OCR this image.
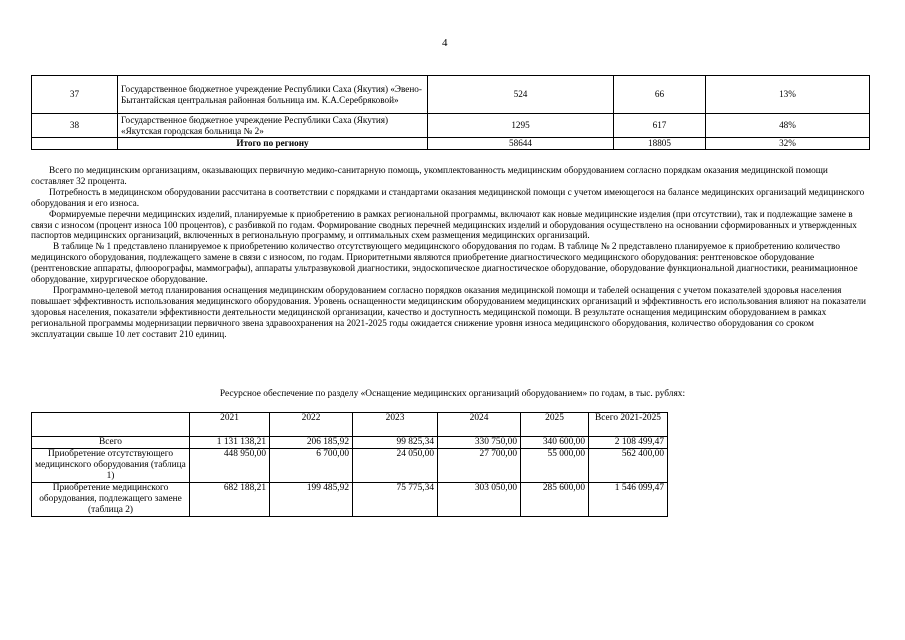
4
37	Государственное бюджетное учреждение Республики Саха (Якутия) «Эвено-Бытантайская центральная районная больница им. К.А.Серебряковой»	524	66	13%
38	Государственное бюджетное учреждение Республики Саха (Якутия) «Якутская городская больница № 2»	1295	617	48%
	Итого по региону	58644	18805	32%

Всего по медицинским организациям, оказывающих первичную медико-санитарную помощь, укомплектованность медицинским оборудованием согласно порядкам оказания медицинской помощи составляет 32 процента.

Потребность в медицинском оборудовании рассчитана в соответствии с порядками и стандартами оказания медицинской помощи с учетом имеющегося на балансе медицинских организаций медицинского оборудования и его износа.

Формируемые перечни медицинских изделий, планируемые к приобретению в рамках региональной программы, включают как новые медицинские изделия (при отсутствии), так и подлежащие замене в связи с износом (процент износа 100 процентов), с разбивкой по годам. Формирование сводных перечней медицинских изделий и оборудования осуществлено на основании сформированных и утвержденных паспортов медицинских организаций, включенных в региональную программу, и оптимальных схем размещения медицинских организаций.

В таблице № 1 представлено планируемое к приобретению количество отсутствующего медицинского оборудования по годам. В таблице № 2 представлено планируемое к приобретению количество медицинского оборудования, подлежащего замене в связи с износом, по годам. Приоритетными являются приобретение диагностического медицинского оборудования: рентгеновское оборудование (рентгеновские аппараты, флюорографы, маммографы), аппараты ультразвуковой диагностики, эндоскопическое диагностическое оборудование, оборудование функциональной диагностики, реанимационное оборудование, хирургическое оборудование.

Программно-целевой метод планирования оснащения медицинским оборудованием согласно порядков оказания медицинской помощи и табелей оснащения с учетом показателей здоровья населения повышает эффективность использования медицинского оборудования. Уровень оснащенности медицинским оборудованием медицинских организаций и эффективность его использования влияют на показатели здоровья населения, показатели эффективности деятельности медицинской организации, качество и доступность медицинской помощи. В результате оснащения медицинским оборудованием в рамках региональной программы модернизации первичного звена здравоохранения на 2021-2025 годы ожидается снижение уровня износа медицинского оборудования, количество оборудования со сроком эксплуатации свыше 10 лет составит 210 единиц.

Ресурсное обеспечение по разделу «Оснащение медицинских организаций оборудованием» по годам, в тыс. рублях:
	2021	2022	2023	2024	2025	Всего 2021-2025
Всего	1 131 138,21	206 185,92	99 825,34	330 750,00	340 600,00	2 108 499,47
Приобретение отсутствующего медицинского оборудования (таблица 1)	448 950,00	6 700,00	24 050,00	27 700,00	55 000,00	562 400,00
Приобретение медицинского оборудования, подлежащего замене (таблица 2)	682 188,21	199 485,92	75 775,34	303 050,00	285 600,00	1 546 099,47
